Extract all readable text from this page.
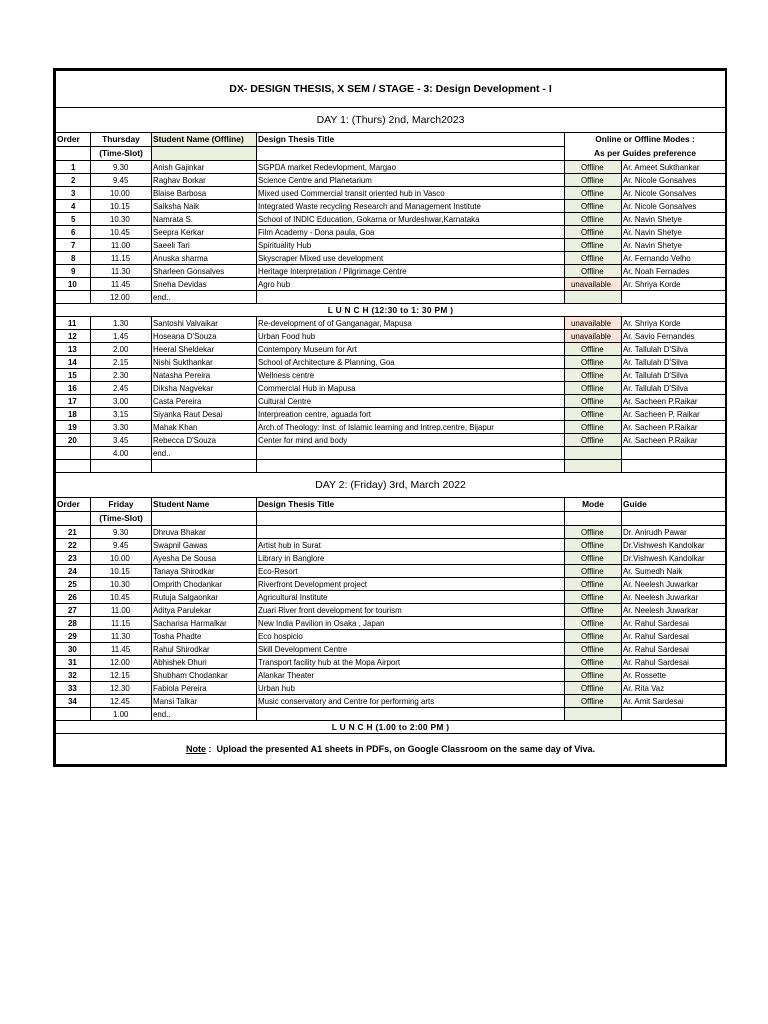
DX- DESIGN THESIS, X SEM / STAGE - 3: Design Development - I					
DAY 1: (Thurs) 2nd, March2023					
Order	Thursday	Student Name (Offline)	Design Thesis Title	Online or Offline Modes :	
	(Time-Slot)			As per Guides preference	
1	9.30	Anish Gajinkar	SGPDA market Redevlopment, Margao	Offline	Ar. Ameet Sukthankar
2	9.45	Raghav Borkar	Science Centre and Planetarium	Offline	Ar. Nicole Gonsalves
3	10.00	Blaise Barbosa	Mixed used Commercial transit oriented hub in Vasco	Offline	Ar. Nicole Gonsalves
4	10.15	Saiksha Naik	Integrated Waste recycling Research and Management Institute	Offline	Ar. Nicole Gonsalves
5	10.30	Namrata S.	School of INDIC Education, Gokarna or Murdeshwar,Karnataka	Offline	Ar. Navin Shetye
6	10.45	Seepra Kerkar	Film Academy - Dona paula, Goa	Offline	Ar. Navin Shetye
7	11.00	Saeeli Tari	Spirituality Hub	Offline	Ar. Navin Shetye
8	11.15	Anuska sharma	Skyscraper Mixed use development	Offline	Ar. Fernando Velho
9	11.30	Sharleen Gonsalves	Heritage Interpretation / Pilgrimage Centre	Offline	Ar. Noah Fernades
10	11.45	Sneha Devidas	Agro hub	unavailable	Ar. Shriya Korde
	12.00	end..			
L U N C H (12:30 to 1: 30 PM )					
11	1.30	Santoshi Valvaikar	Re-development of of Ganganagar, Mapusa	unavailable	Ar. Shriya Korde
12	1.45	Hoseana D'Souza	Urban Food hub	unavailable	Ar. Savio Fernandes
13	2.00	Heeral Sheldekar	Contempory Museum for Art	Offline	Ar. Tallulah D'Silva
14	2.15	Nishi Sukthankar	School of Architecture & Planning, Goa	Offline	Ar. Tallulah D'Silva
15	2.30	Natasha Pereira	Wellness centre	Offline	Ar. Tallulah D'Silva
16	2.45	Diksha Nagvekar	Commercial Hub in Mapusa	Offline	Ar. Tallulah D'Silva
17	3.00	Casta Pereira	Cultural Centre	Offline	Ar. Sacheen P.Raikar
18	3.15	Siyanka Raut Desai	Interpreation centre, aguada fort	Offline	Ar. Sacheen P. Raikar
19	3.30	Mahak Khan	Arch.of Theology: Inst. of Islamic learning and Intrep.centre, Bijapur	Offline	Ar. Sacheen P.Raikar
20	3.45	Rebecca D'Souza	Center for mind and body	Offline	Ar. Sacheen P.Raikar
	4.00	end..			

DAY 2: (Friday) 3rd, March 2022					
Order	Friday	Student Name	Design Thesis Title	Mode	Guide
	(Time-Slot)				
21	9.30	Dhruva Bhakar		Offline	Dr. Anirudh Pawar
22	9.45	Swapnil Gawas	Artist hub in Surat	Offline	Dr.Vishwesh Kandolkar
23	10.00	Ayesha De Sousa	Library in Banglore	Offline	Dr.Vishwesh Kandolkar
24	10.15	Tanaya Shirodkar	Eco-Resort	Offline	Ar. Sumedh Naik
25	10.30	Omprith Chodankar	Riverfront Development project	Offline	Ar. Neelesh Juwarkar
26	10.45	Rutuja Salgaonkar	Agricultural Institute	Offline	Ar. Neelesh Juwarkar
27	11.00	Aditya Parulekar	Zuari River front development for tourism	Offline	Ar. Neelesh Juwarkar
28	11.15	Sacharisa Harmalkar	New India Pavilion in Osaka , Japan	Offline	Ar. Rahul Sardesai
29	11.30	Tosha Phadte	Eco hospicio	Offline	Ar. Rahul Sardesai
30	11.45	Rahul Shirodkar	Skill Development Centre	Offline	Ar. Rahul Sardesai
31	12.00	Abhishek Dhuri	Transport facility hub at the Mopa Airport	Offline	Ar. Rahul Sardesai
32	12.15	Shubham Chodankar	Alankar Theater	Offline	Ar. Rossette
33	12.30	Fabiola Pereira	Urban hub	Offline	Ar. Rita Vaz
34	12.45	Mansi Talkar	Music conservatory and Centre for performing arts	Offline	Ar. Amit Sardesai
	1.00	end..			
L U N C H (1.00 to 2:00 PM )					
Note :  Upload the presented A1 sheets in PDFs, on Google Classroom on the same day of Viva.					
